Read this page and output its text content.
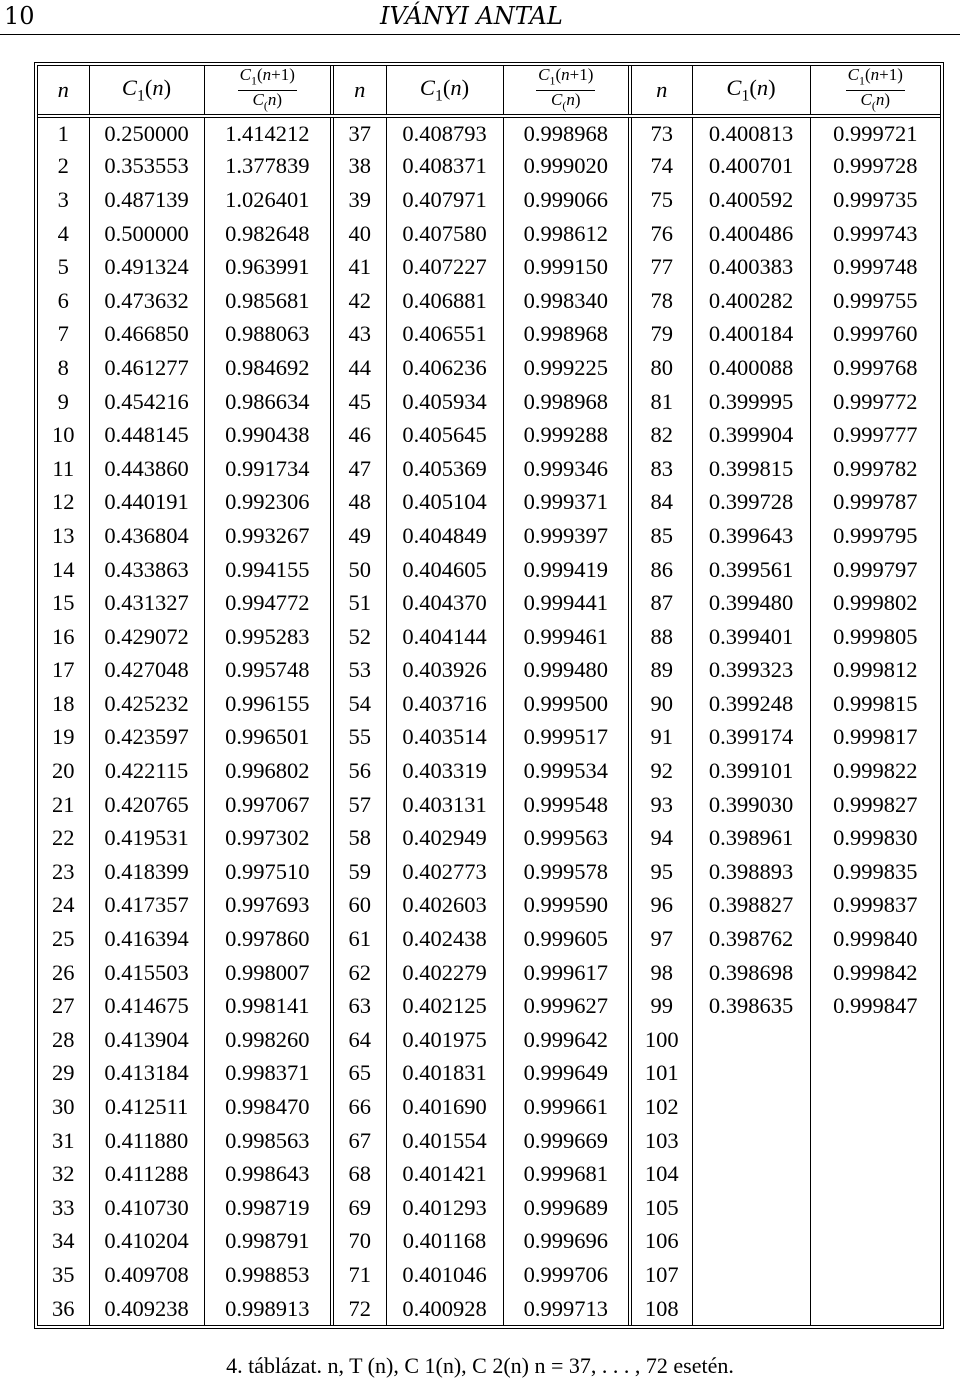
10	IVÁNYI ANTAL
n	$C_1(n)$	$\frac{C_1(n+1)}{C_(n)}$	n	$C_1(n)$	$\frac{C_1(n+1)}{C_(n)}$	n	$C_1(n)$	$\frac{C_1(n+1)}{C_(n)}$

1	0.250000	1.414212	37	0.408793	0.998968	73	0.400813	0.999721
2	0.353553	1.377839	38	0.408371	0.999020	74	0.400701	0.999728
3	0.487139	1.026401	39	0.407971	0.999066	75	0.400592	0.999735
4	0.500000	0.982648	40	0.407580	0.998612	76	0.400486	0.999743
5	0.491324	0.963991	41	0.407227	0.999150	77	0.400383	0.999748
6	0.473632	0.985681	42	0.406881	0.998340	78	0.400282	0.999755
7	0.466850	0.988063	43	0.406551	0.998968	79	0.400184	0.999760
8	0.461277	0.984692	44	0.406236	0.999225	80	0.400088	0.999768
9	0.454216	0.986634	45	0.405934	0.998968	81	0.399995	0.999772
10	0.448145	0.990438	46	0.405645	0.999288	82	0.399904	0.999777
11	0.443860	0.991734	47	0.405369	0.999346	83	0.399815	0.999782
12	0.440191	0.992306	48	0.405104	0.999371	84	0.399728	0.999787
13	0.436804	0.993267	49	0.404849	0.999397	85	0.399643	0.999795
14	0.433863	0.994155	50	0.404605	0.999419	86	0.399561	0.999797
15	0.431327	0.994772	51	0.404370	0.999441	87	0.399480	0.999802
16	0.429072	0.995283	52	0.404144	0.999461	88	0.399401	0.999805
17	0.427048	0.995748	53	0.403926	0.999480	89	0.399323	0.999812
18	0.425232	0.996155	54	0.403716	0.999500	90	0.399248	0.999815
19	0.423597	0.996501	55	0.403514	0.999517	91	0.399174	0.999817
20	0.422115	0.996802	56	0.403319	0.999534	92	0.399101	0.999822
21	0.420765	0.997067	57	0.403131	0.999548	93	0.399030	0.999827
22	0.419531	0.997302	58	0.402949	0.999563	94	0.398961	0.999830
23	0.418399	0.997510	59	0.402773	0.999578	95	0.398893	0.999835
24	0.417357	0.997693	60	0.402603	0.999590	96	0.398827	0.999837
25	0.416394	0.997860	61	0.402438	0.999605	97	0.398762	0.999840
26	0.415503	0.998007	62	0.402279	0.999617	98	0.398698	0.999842
27	0.414675	0.998141	63	0.402125	0.999627	99	0.398635	0.999847
28	0.413904	0.998260	64	0.401975	0.999642	100		
29	0.413184	0.998371	65	0.401831	0.999649	101		
30	0.412511	0.998470	66	0.401690	0.999661	102		
31	0.411880	0.998563	67	0.401554	0.999669	103		
32	0.411288	0.998643	68	0.401421	0.999681	104		
33	0.410730	0.998719	69	0.401293	0.999689	105		
34	0.410204	0.998791	70	0.401168	0.999696	106		
35	0.409708	0.998853	71	0.401046	0.999706	107		
36	0.409238	0.998913	72	0.400928	0.999713	108		
4. táblázat. n, T (n), C 1(n), C 2(n) n = 37, . . . , 72 esetén.
